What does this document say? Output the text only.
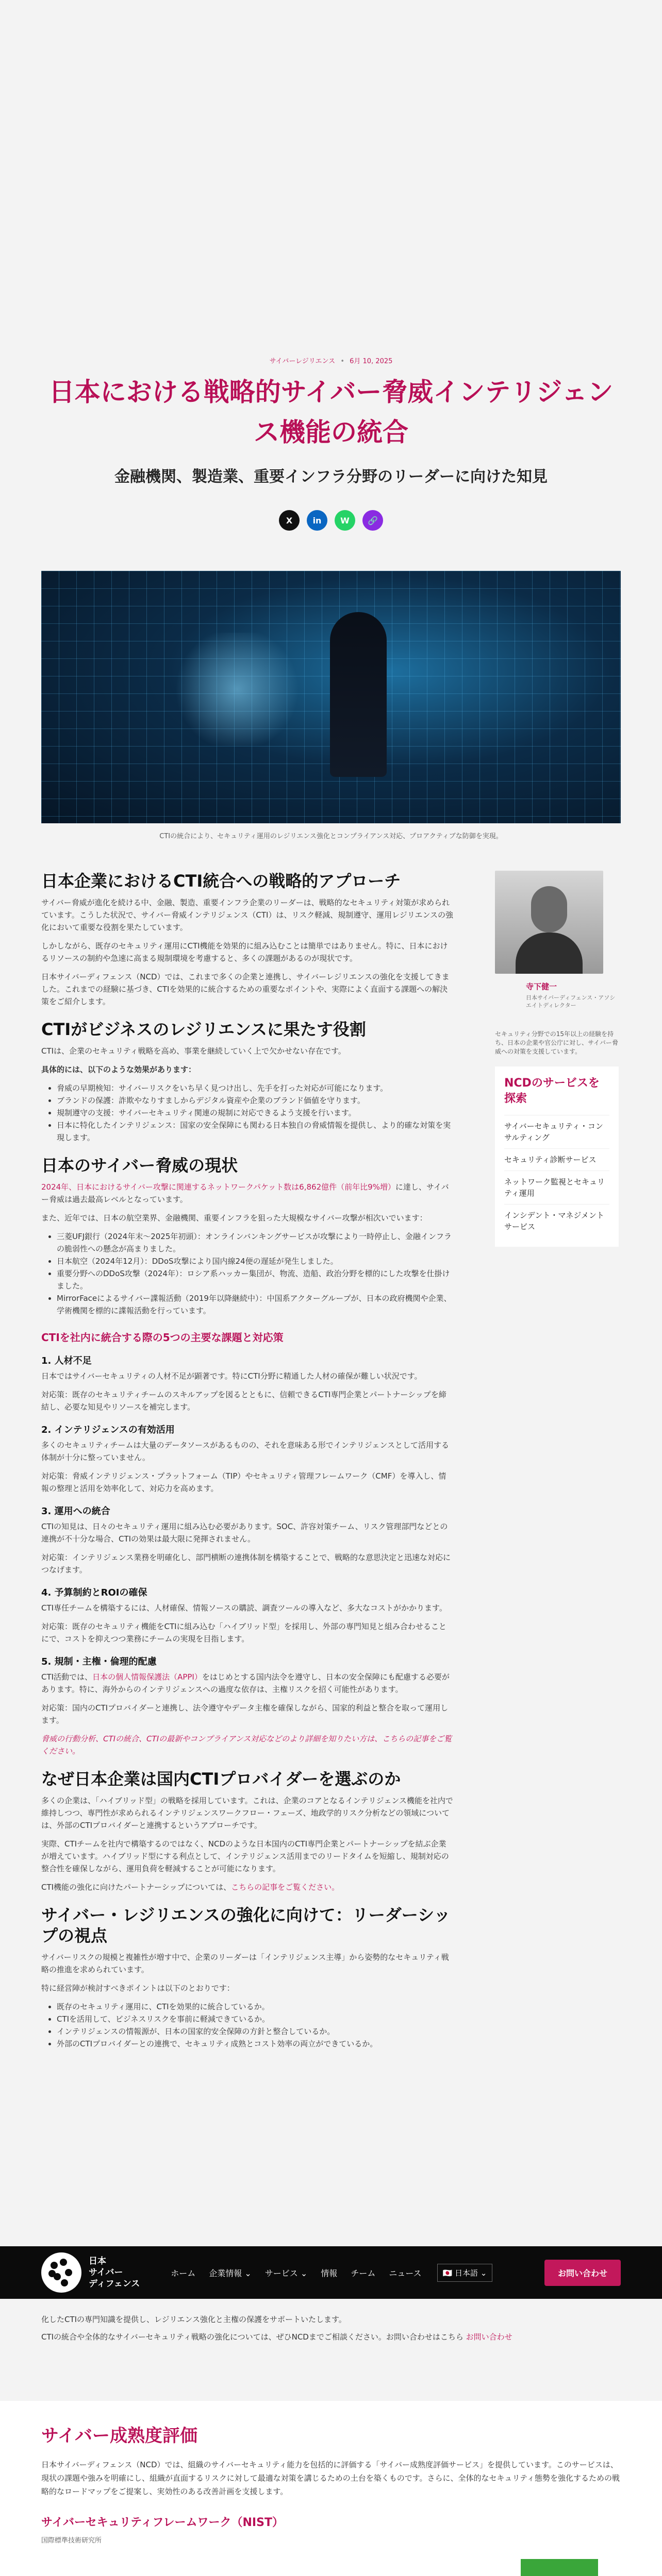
サイバーレジリエンス • 6月 10, 2025
日本における戦略的サイバー脅威インテリジェンス機能の統合
金融機関、製造業、重要インフラ分野のリーダーに向けた知見
X	in	W	🔗
CTIの統合により、セキュリティ運用のレジリエンス強化とコンプライアンス対応、プロアクティブな防御を実現。
日本企業におけるCTI統合への戦略的アプローチ

サイバー脅威が進化を続ける中、金融、製造、重要インフラ企業のリーダーは、戦略的なセキュリティ対策が求められています。こうした状況で、サイバー脅威インテリジェンス（CTI）は、リスク軽減、規制遵守、運用レジリエンスの強化において重要な役割を果たしています。

しかしながら、既存のセキュリティ運用にCTI機能を効果的に組み込むことは簡単ではありません。特に、日本におけるリソースの制約や急速に高まる規制環境を考慮すると、多くの課題があるのが現状です。

日本サイバーディフェンス（NCD）では、これまで多くの企業と連携し、サイバーレジリエンスの強化を支援してきました。これまでの経験に基づき、CTIを効果的に統合するための重要なポイントや、実際によく直面する課題への解決策をご紹介します。

CTIがビジネスのレジリエンスに果たす役割

CTIは、企業のセキュリティ戦略を高め、事業を継続していく上で欠かせない存在です。

具体的には、以下のような効果があります：

• 脅威の早期検知：サイバーリスクをいち早く見つけ出し、先手を打った対応が可能になります。
• ブランドの保護：詐欺やなりすましからデジタル資産や企業のブランド価値を守ります。
• 規制遵守の支援：サイバーセキュリティ関連の規制に対応できるよう支援を行います。
• 日本に特化したインテリジェンス：国家の安全保障にも関わる日本独自の脅威情報を提供し、より的確な対策を実現します。
日本のサイバー脅威の現状

2024年、日本におけるサイバー攻撃に関連するネットワークパケット数は6,862億件（前年比9%増）に達し、サイバー脅威は過去最高レベルとなっています。

また、近年では、日本の航空業界、金融機関、重要インフラを狙った大規模なサイバー攻撃が相次いでいます：

• 三菱UFJ銀行（2024年末〜2025年初頭）：オンラインバンキングサービスが攻撃により一時停止し、金融インフラの脆弱性への懸念が高まりました。
• 日本航空（2024年12月）：DDoS攻撃により国内線24便の遅延が発生しました。
• 重要分野へのDDoS攻撃（2024年）：ロシア系ハッカー集団が、物流、造船、政治分野を標的にした攻撃を仕掛けました。
• MirrorFaceによるサイバー諜報活動（2019年以降継続中）：中国系アクターグループが、日本の政府機関や企業、学術機関を標的に諜報活動を行っています。
CTIを社内に統合する際の5つの主要な課題と対応策
1. 人材不足

日本ではサイバーセキュリティの人材不足が顕著です。特にCTI分野に精通した人材の確保が難しい状況です。

対応策：既存のセキュリティチームのスキルアップを図るとともに、信頼できるCTI専門企業とパートナーシップを締結し、必要な知見やリソースを補完します。

2. インテリジェンスの有効活用

多くのセキュリティチームは大量のデータソースがあるものの、それを意味ある形でインテリジェンスとして活用する体制が十分に整っていません。

対応策：脅威インテリジェンス・プラットフォーム（TIP）やセキュリティ管理フレームワーク（CMF）を導入し、情報の整理と活用を効率化して、対応力を高めます。

3. 運用への統合

CTIの知見は、日々のセキュリティ運用に組み込む必要があります。SOC、許容対策チーム、リスク管理部門などとの連携が不十分な場合、CTIの効果は最大限に発揮されません。

対応策：インテリジェンス業務を明確化し、部門横断の連携体制を構築することで、戦略的な意思決定と迅速な対応につなげます。

4. 予算制約とROIの確保

CTI専任チームを構築するには、人材確保、情報ソースの購読、調査ツールの導入など、多大なコストがかかります。

対応策：既存のセキュリティ機能をCTIに組み込む「ハイブリッド型」を採用し、外部の専門知見と組み合わせることにで、コストを抑えつつ業務にチームの実現を目指します。

5. 規制・主権・倫理的配慮

CTI活動では、日本の個人情報保護法（APPI）をはじめとする国内法令を遵守し、日本の安全保障にも配慮する必要があります。特に、海外からのインテリジェンスへの過度な依存は、主権リスクを招く可能性があります。

対応策：国内のCTIプロバイダーと連携し、法令遵守やデータ主権を確保しながら、国家的利益と整合を取って運用します。

脅威の行動分析、CTIの統合、CTIの最新やコンプライアンス対応などのより詳細を知りたい方は、こちらの記事をご覧ください。

なぜ日本企業は国内CTIプロバイダーを選ぶのか

多くの企業は、「ハイブリッド型」の戦略を採用しています。これは、企業のコアとなるインテリジェンス機能を社内で維持しつつ、専門性が求められるインテリジェンスワークフロー・フェーズ、地政学的リスク分析などの領域については、外部のCTIプロバイダーと連携するというアプローチです。

実際、CTIチームを社内で構築するのではなく、NCDのような日本国内のCTI専門企業とパートナーシップを結ぶ企業が増えています。ハイブリッド型にする利点として、インテリジェンス活用までのリードタイムを短縮し、規制対応の整合性を確保しながら、運用負荷を軽減することが可能になります。

CTI機能の強化に向けたパートナーシップについては、こちらの記事をご覧ください。

サイバー・レジリエンスの強化に向けて：リーダーシップの視点

サイバーリスクの規模と複雑性が増す中で、企業のリーダーは「インテリジェンス主導」から姿勢的なセキュリティ戦略の推進を求められています。

特に経営陣が検討すべきポイントは以下のとおりです：

• 既存のセキュリティ運用に、CTIを効果的に統合しているか。
• CTIを活用して、ビジネスリスクを事前に軽減できているか。
• インテリジェンスの情報源が、日本の国家的安全保障の方針と整合しているか。
• 外部のCTIプロバイダーとの連携で、セキュリティ成熟とコスト効率の両立ができているか。
寺下健一
日本サイバーディフェンス・アソシエイトディレクター
セキュリティ分野での15年以上の経験を持ち、日本の企業や官公庁に対し、サイバー脅威への対策を支援しています。
NCDのサービスを探索
サイバーセキュリティ・コンサルティング
セキュリティ診断サービス
ネットワーク監視とセキュリティ運用
インシデント・マネジメントサービス
日本
サイバー
ディフェンス
ホーム 企業情報 ⌄ サービス ⌄ 情報 チーム ニュース	🇯🇵 日本語 ⌄	お問い合わせ

化したCTIの専門知識を提供し、レジリエンス強化と主権の保護をサポートいたします。

CTIの統合や全体的なサイバーセキュリティ戦略の強化については、ぜひNCDまでご相談ください。お問い合わせはこちら お問い合わせ

サイバー成熟度評価

日本サイバーディフェンス（NCD）では、組織のサイバーセキュリティ能力を包括的に評価する「サイバー成熟度評価サービス」を提供しています。このサービスは、現状の課題や強みを明確にし、組織が直面するリスクに対して最適な対策を講じるための土台を築くものです。さらに、全体的なセキュリティ態勢を強化するための戦略的なロードマップをご提案し、実効性のある改善計画を支援します。

サイバーセキュリティフレームワーク（NIST）
国際標準技術研究所
